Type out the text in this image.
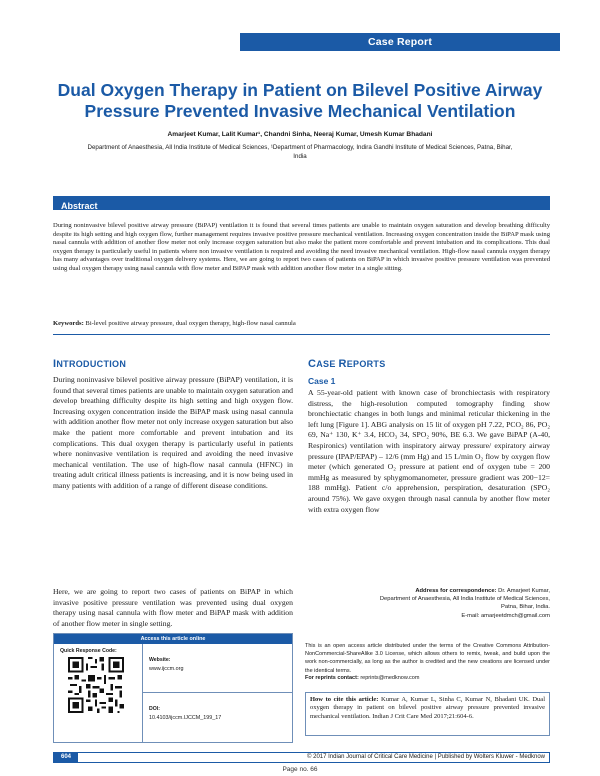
Case Report
Dual Oxygen Therapy in Patient on Bilevel Positive Airway Pressure Prevented Invasive Mechanical Ventilation
Amarjeet Kumar, Lalit Kumar¹, Chandni Sinha, Neeraj Kumar, Umesh Kumar Bhadani
Department of Anaesthesia, All India Institute of Medical Sciences, ¹Department of Pharmacology, Indira Gandhi Institute of Medical Sciences, Patna, Bihar, India
Abstract
During noninvasive bilevel positive airway pressure (BiPAP) ventilation it is found that several times patients are unable to maintain oxygen saturation and develop breathing difficulty despite its high setting and high oxygen flow, further management requires invasive positive pressure mechanical ventilation. Increasing oxygen concentration inside the BiPAP mask using nasal cannula with addition of another flow meter not only increase oxygen saturation but also make the patient more comfortable and prevent intubation and its complications. This dual oxygen therapy is particularly useful in patients where non invasive ventilation is required and avoiding the need invasive mechanical ventilation. High-flow nasal cannula oxygen therapy has many advantages over traditional oxygen delivery systems. Here, we are going to report two cases of patients on BiPAP in which invasive positive pressure ventilation was prevented using dual oxygen therapy using nasal cannula with flow meter and BiPAP mask with addition another flow meter in a single sitting.
Keywords: Bi-level positive airway pressure, dual oxygen therapy, high-flow nasal cannula
INTRODUCTION
During noninvasive bilevel positive airway pressure (BiPAP) ventilation, it is found that several times patients are unable to maintain oxygen saturation and develop breathing difficulty despite its high setting and high oxygen flow. Increasing oxygen concentration inside the BiPAP mask using nasal cannula with addition another flow meter not only increase oxygen saturation but also make the patient more comfortable and prevent intubation and its complications. This dual oxygen therapy is particularly useful in patients where noninvasive ventilation is required and avoiding the need invasive mechanical ventilation. The use of high-flow nasal cannula (HFNC) in treating adult critical illness patients is increasing, and it is now being used in many patients with addition of a range of different disease conditions.
Here, we are going to report two cases of patients on BiPAP in which invasive positive pressure ventilation was prevented using dual oxygen therapy using nasal cannula with flow meter and BiPAP mask with addition of another flow meter in single setting.
Access this article online
Quick Response Code:
Website:
www.ijccm.org
DOI:
10.4103/ijccm.IJCCM_199_17
CASE REPORTS
Case 1
A 55-year-old patient with known case of bronchiectasis with respiratory distress, the high-resolution computed tomography finding show bronchiectatic changes in both lungs and minimal reticular thickening in the left lung [Figure 1]. ABG analysis on 15 lit of oxygen pH 7.22, PCO₂ 86, PO₂ 69, Na⁺ 130, K⁺ 3.4, HCO₃ 34, SPO₂ 90%, BE 6.3. We gave BiPAP (A-40, Respironics) ventilation with inspiratory airway pressure/ expiratory airway pressure (IPAP/EPAP) – 12/6 (mm Hg) and 15 L/min O₂ flow by oxygen flow meter (which generated O₂ pressure at patient end of oxygen tube = 200 mmHg as measured by sphygmomanometer, pressure gradient was 200−12= 188 mmHg). Patient c/o apprehension, perspiration, desaturation (SPO₂ around 75%). We gave oxygen through nasal cannula by another flow meter with extra oxygen flow
Address for correspondence: Dr. Amarjeet Kumar,
Department of Anaesthesia, All India Institute of Medical Sciences,
Patna, Bihar, India.
E-mail: amarjeetdmch@gmail.com
This is an open access article distributed under the terms of the Creative Commons Attribution-NonCommercial-ShareAlike 3.0 License, which allows others to remix, tweak, and build upon the work non-commercially, as long as the author is credited and the new creations are licensed under the identical terms.
For reprints contact: reprints@medknow.com
How to cite this article: Kumar A, Kumar L, Sinha C, Kumar N, Bhadani UK. Dual oxygen therapy in patient on bilevel positive airway pressure prevented invasive mechanical ventilation. Indian J Crit Care Med 2017;21:604-6.
604	© 2017 Indian Journal of Critical Care Medicine | Published by Wolters Kluwer - Medknow
Page no. 66
